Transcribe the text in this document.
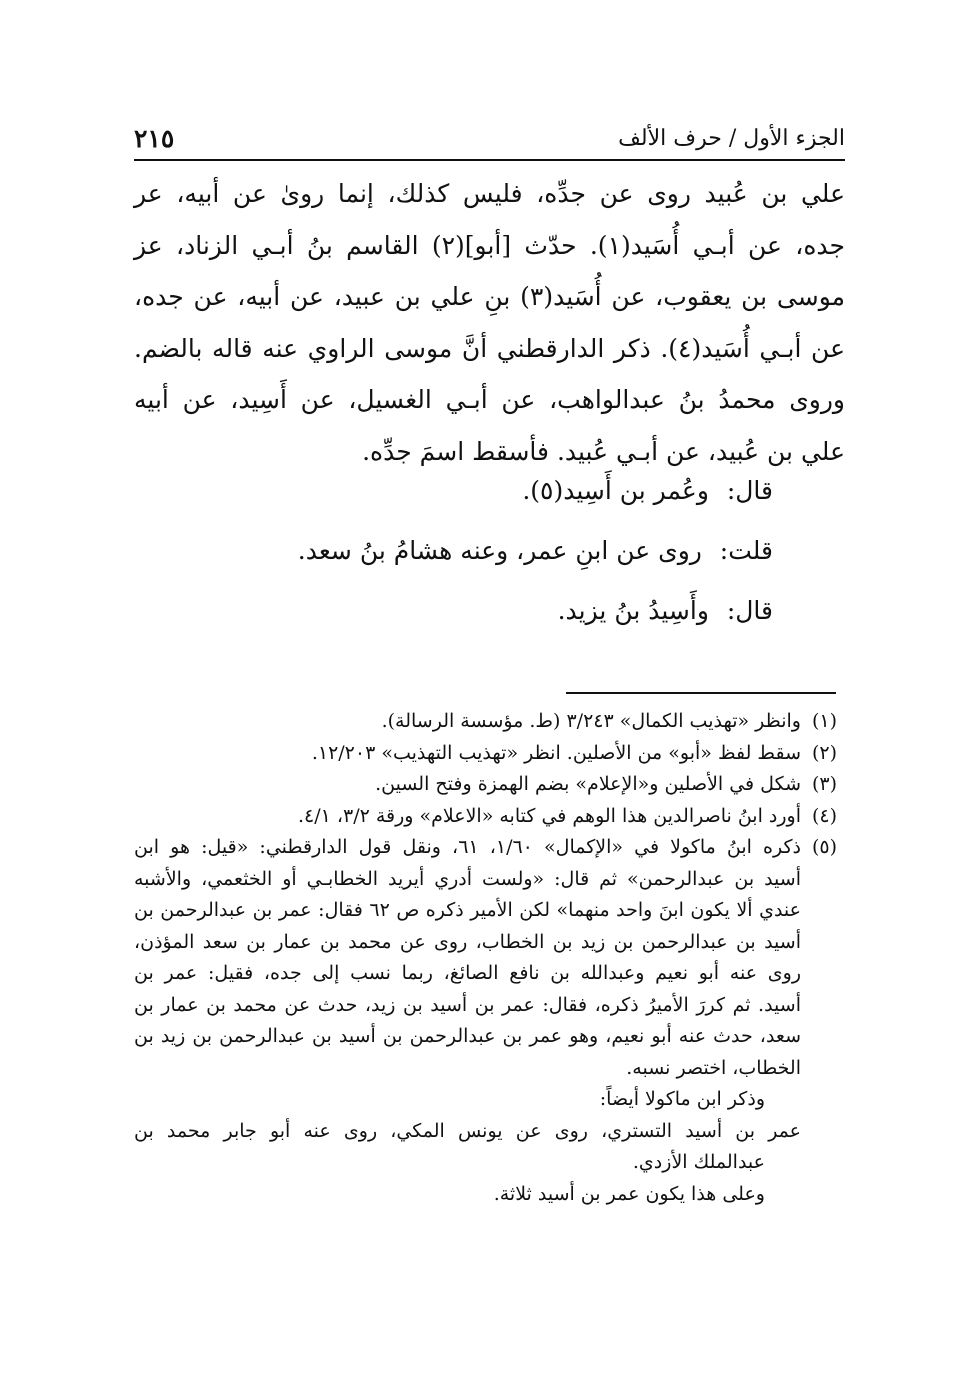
الجزء الأول / حرف الألف
٢١٥

علي بن عُبيد روى عن جدِّه، فليس كذلك، إنما روىٰ عن أبيه، عر
جده، عن أبـي أُسَيد(١). حدّث [أبو](٢) القاسم بنُ أبـي الزناد، عز
موسى بن يعقوب، عن أُسَيد(٣) بنِ علي بن عبيد، عن أبيه، عن جده،
عن أبـي أُسَيد(٤). ذكر الدارقطني أنَّ موسى الراوي عنه قاله بالضم.
وروى محمدُ بنُ عبدالواهب، عن أبـي الغسيل، عن أَسِيد، عن أبيه
علي بن عُبيد، عن أبـي عُبيد. فأسقط اسمَ جدِّه.

قال: وعُمر بن أَسِيد(٥).
قلت: روى عن ابنِ عمر، وعنه هشامُ بنُ سعد.
قال: وأَسِيدُ بنُ يزيد.
(١)
وانظر «تهذيب الكمال» ٣/٢٤٣ (ط. مؤسسة الرسالة).
(٢)
سقط لفظ «أبو» من الأصلين. انظر «تهذيب التهذيب» ١٢/٢٠٣.
(٣)
شكل في الأصلين و«الإعلام» بضم الهمزة وفتح السين.
(٤)
أورد ابنُ ناصرالدين هذا الوهم في كتابه «الاعلام» ورقة ٣/٢، ٤/١.
(٥)
ذكره ابنُ ماكولا في «الإكمال» ١/٦٠، ٦١، ونقل قول الدارقطني: «قيل: هو ابن
أسيد بن عبدالرحمن» ثم قال: «ولست أدري أيريد الخطابـي أو الخثعمي، والأشبه
عندي ألا يكون ابنَ واحد منهما» لكن الأمير ذكره ص ٦٢ فقال: عمر بن عبدالرحمن بن
أسيد بن عبدالرحمن بن زيد بن الخطاب، روى عن محمد بن عمار بن سعد المؤذن،
روى عنه أبو نعيم وعبدالله بن نافع الصائغ، ربما نسب إلى جده، فقيل: عمر بن
أسيد. ثم كررَ الأميرُ ذكره، فقال: عمر بن أسيد بن زيد، حدث عن محمد بن عمار بن
سعد، حدث عنه أبو نعيم، وهو عمر بن عبدالرحمن بن أسيد بن عبدالرحمن بن زيد بن
الخطاب، اختصر نسبه.
وذكر ابن ماكولا أيضاً:
عمر بن أسيد التستري، روى عن يونس المكي، روى عنه أبو جابر محمد بن
عبدالملك الأزدي.
وعلى هذا يكون عمر بن أسيد ثلاثة.
